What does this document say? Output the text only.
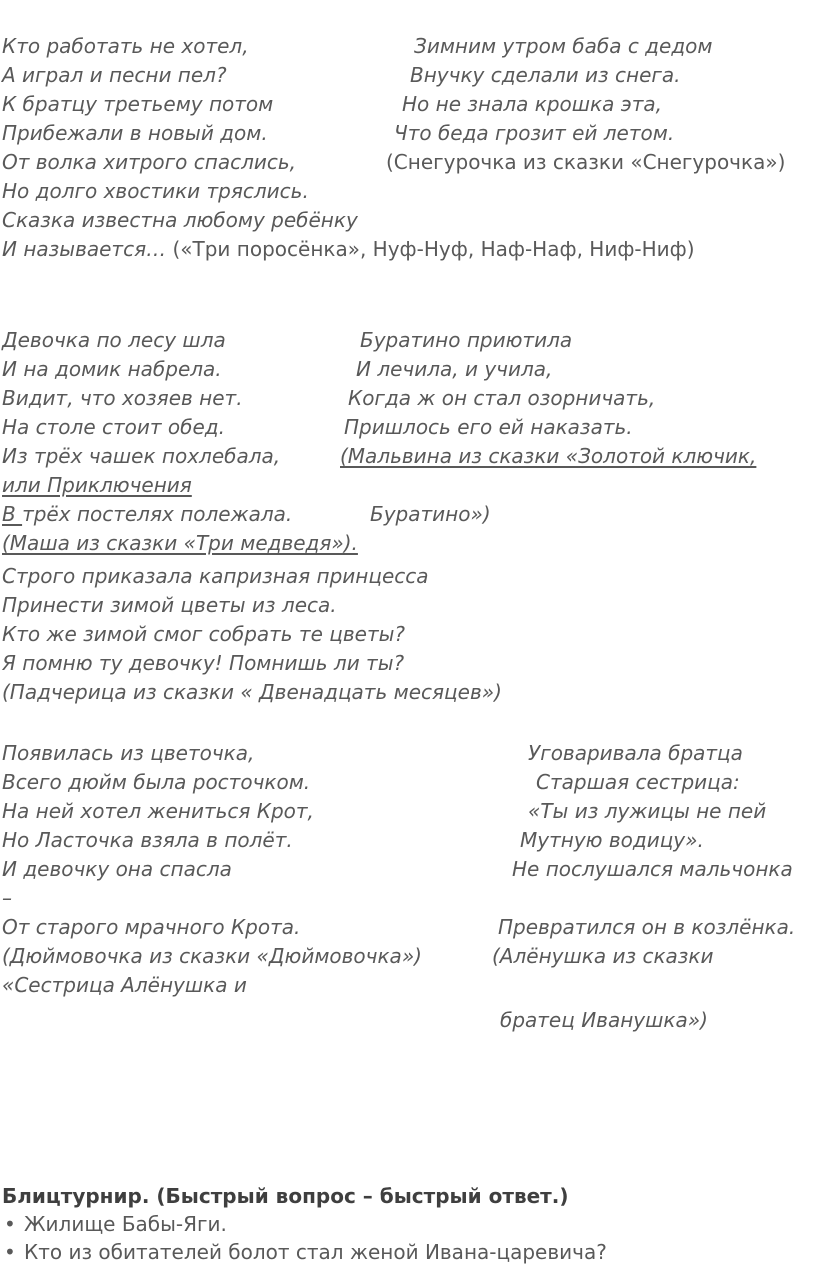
Кто работать не хотел,
А играл и песни пел?
К братцу третьему потом
Прибежали в новый дом.
От волка хитрого спаслись,
Но долго хвостики тряслись.
Сказка известна любому ребёнку
И называется… («Три поросёнка», Нуф-Нуф, Наф-Наф, Ниф-Ниф)
Зимним утром баба с дедом
Внучку сделали из снега.
Но не знала крошка эта,
Что беда грозит ей летом.
(Снегурочка из сказки «Снегурочка»)
Девочка по лесу шла
И на домик набрела.
Видит, что хозяев нет.
На столе стоит обед.
Из трёх чашек похлебала,
В трёх постелях полежала.
(Маша из сказки «Три медведя»).
Буратино приютила
И лечила, и учила,
Когда ж он стал озорничать,
Пришлось его ей наказать.
(Мальвина из сказки «Золотой ключик,
или Приключения
Буратино»)
Строго приказала капризная принцесса
Принести зимой цветы из леса.
Кто же зимой смог собрать те цветы?
Я помню ту девочку! Помнишь ли ты?
(Падчерица из сказки « Двенадцать месяцев»)
Появилась из цветочка,
Всего дюйм была росточком.
На ней хотел жениться Крот,
Но Ласточка взяла в полёт.
И девочку она спасла
–
От старого мрачного Крота.
(Дюймовочка из сказки «Дюймовочка»)
Уговаривала братца
Старшая сестрица:
«Ты из лужицы не пей
Мутную водицу».
Не послушался мальчонка
Превратился он в козлёнка.
(Алёнушка из сказки
«Сестрица Алёнушка и
братец Иванушка»)
Блицтурнир. (Быстрый вопрос – быстрый ответ.)
• Жилище Бабы-Яги.
• Кто из обитателей болот стал женой Ивана-царевича?
